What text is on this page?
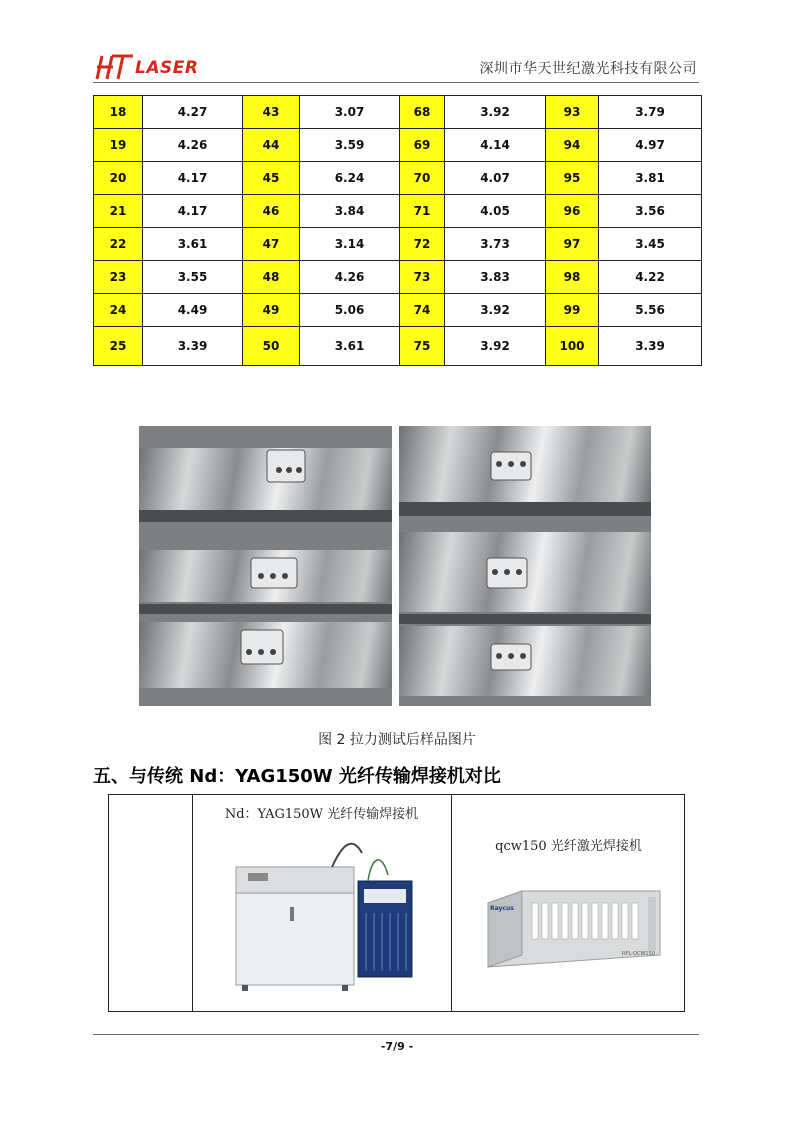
LASER	深圳市华天世纪激光科技有限公司
18	4.27	43	3.07	68	3.92	93	3.79
19	4.26	44	3.59	69	4.14	94	4.97
20	4.17	45	6.24	70	4.07	95	3.81
21	4.17	46	3.84	71	4.05	96	3.56
22	3.61	47	3.14	72	3.73	97	3.45
23	3.55	48	4.26	73	3.83	98	4.22
24	4.49	49	5.06	74	3.92	99	5.56
25	3.39	50	3.61	75	3.92	100	3.39
图 2 拉力测试后样品图片
五、与传统 Nd：YAG150W 光纤传输焊接机对比
Nd：YAG150W 光纤传输焊接机
qcw150 光纤激光焊接机
Raycus
RFL-QCW150
-7/9 -
